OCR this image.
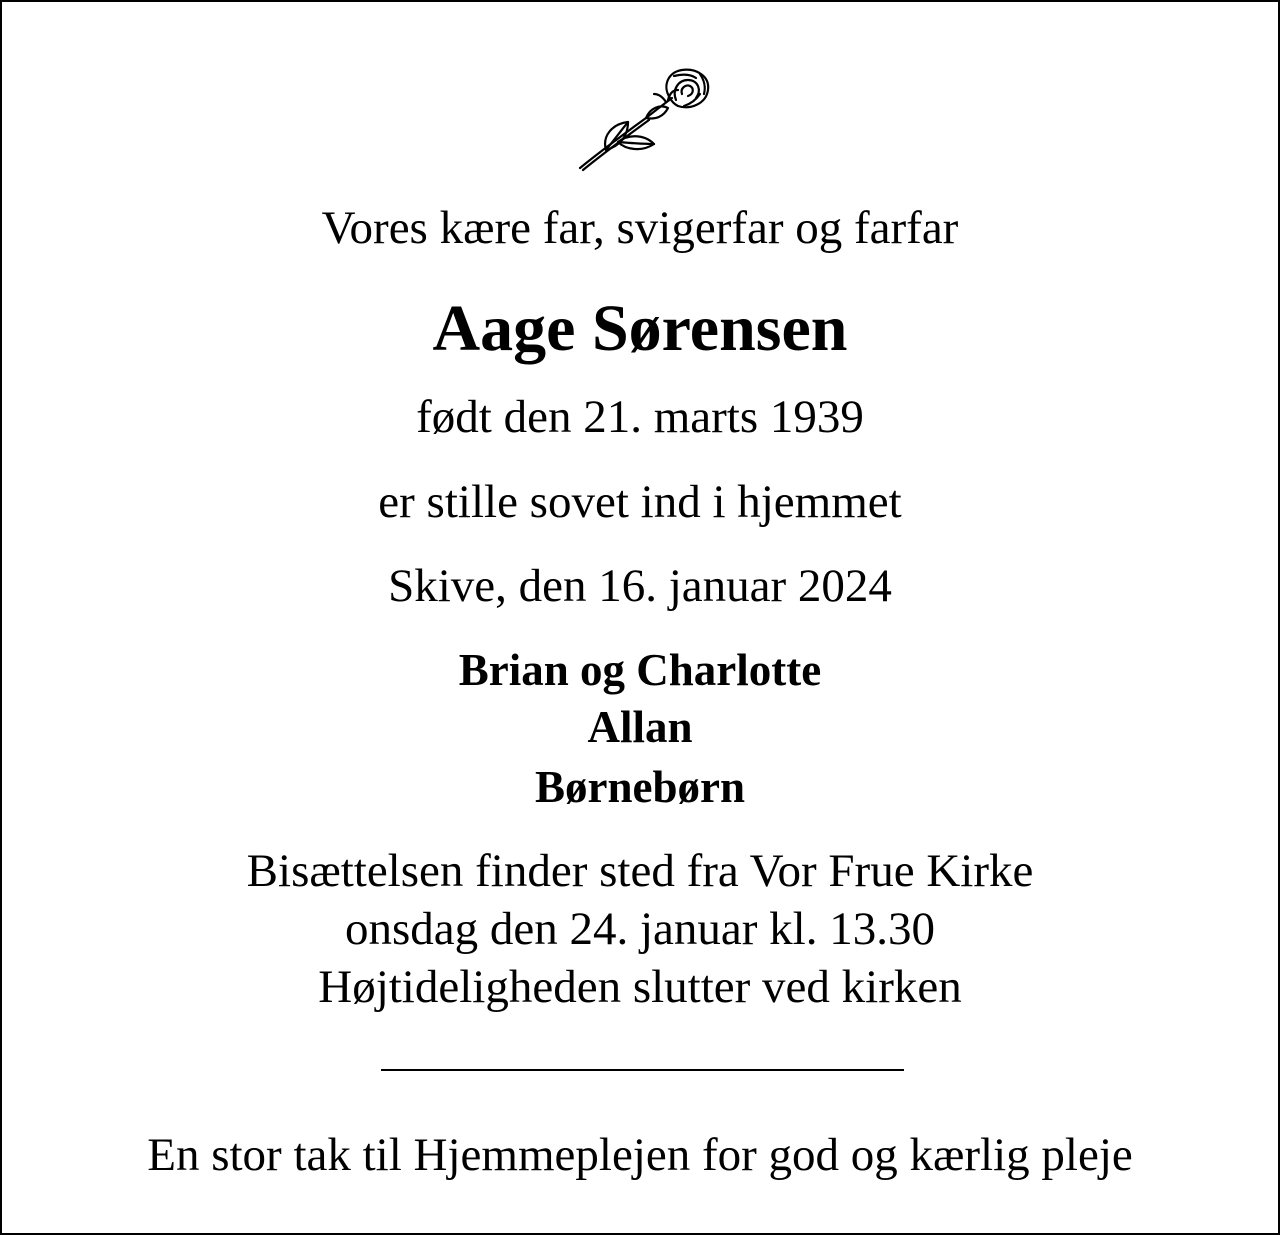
Vores kære far, svigerfar og farfar
Aage Sørensen
født den 21. marts 1939
er stille sovet ind i hjemmet
Skive, den 16. januar 2024
Brian og Charlotte
Allan
Børnebørn
Bisættelsen finder sted fra Vor Frue Kirke
onsdag den 24. januar kl. 13.30
Højtideligheden slutter ved kirken
En stor tak til Hjemmeplejen for god og kærlig pleje
